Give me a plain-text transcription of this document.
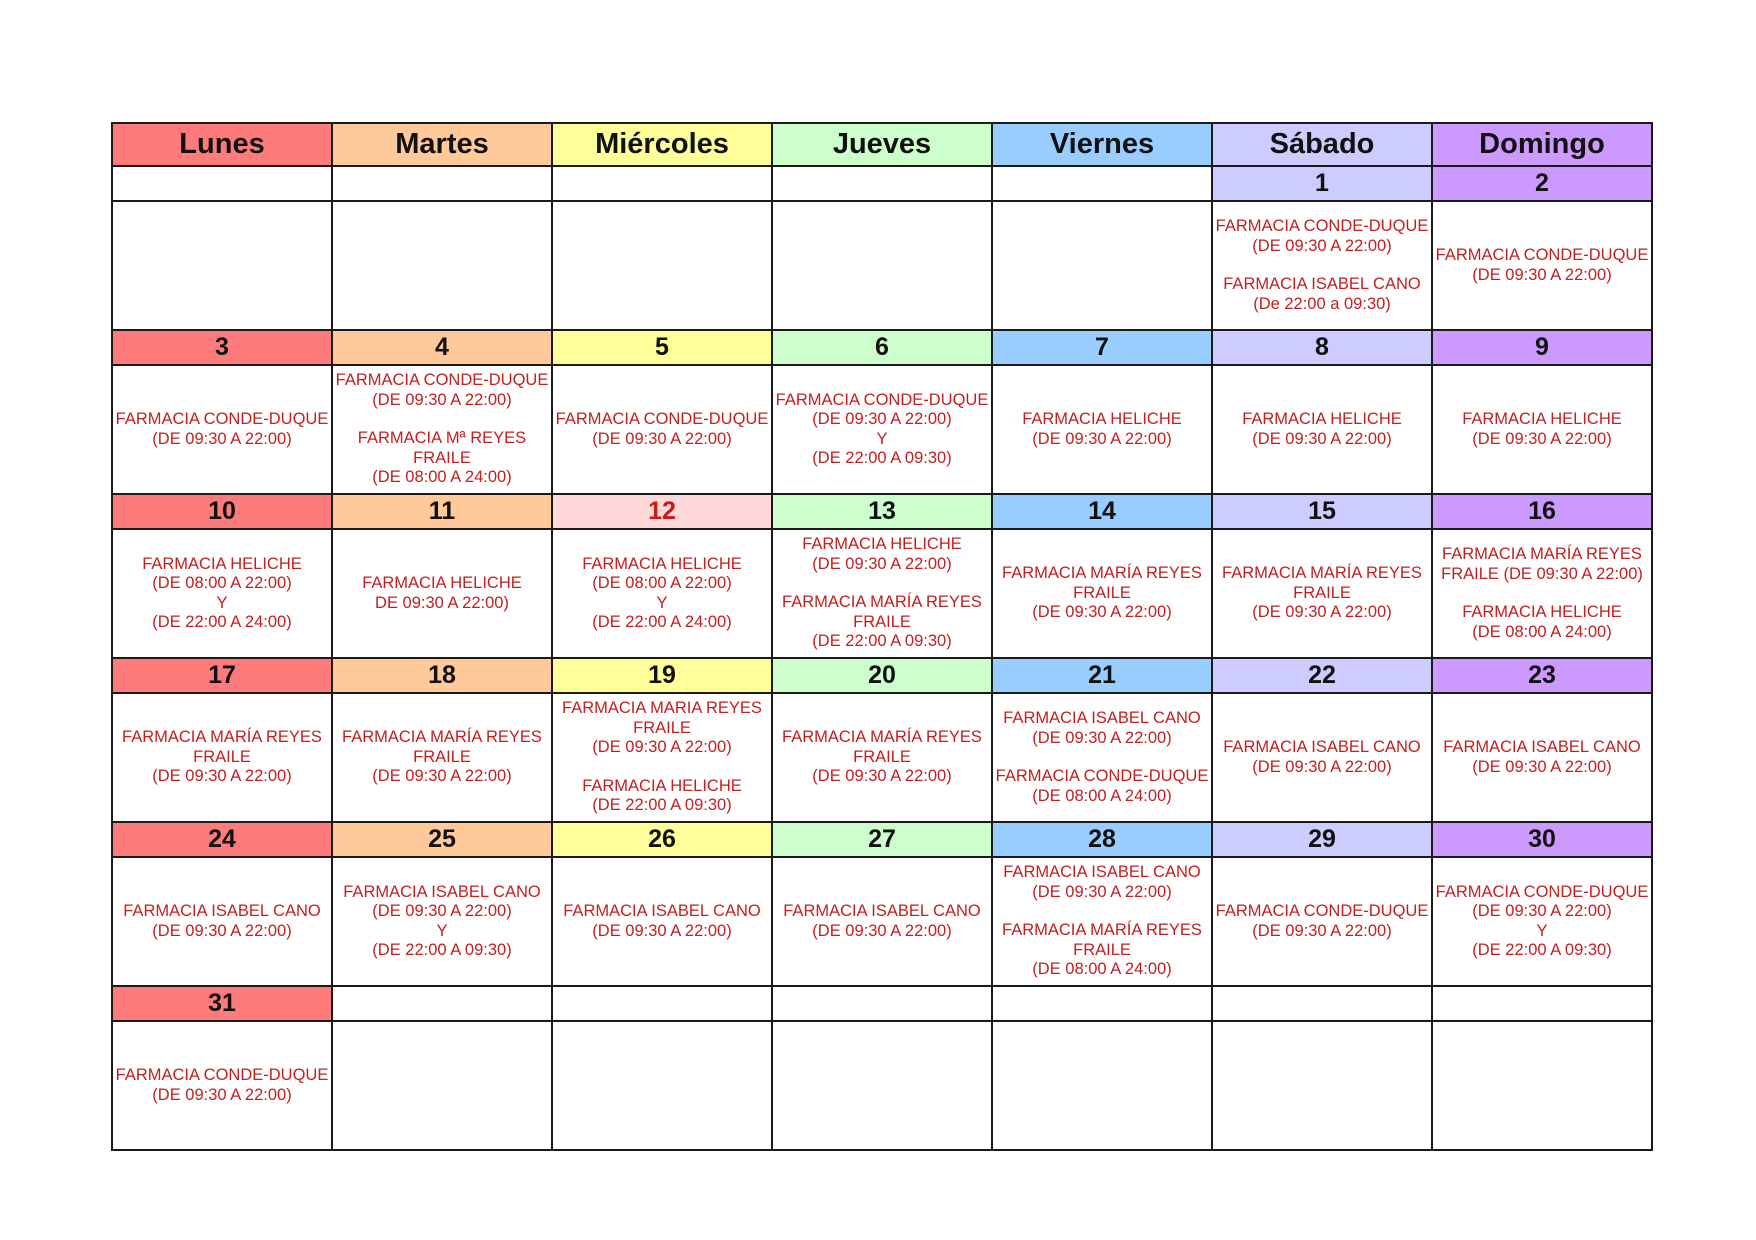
Lunes	Martes	Miércoles	Jueves	Viernes	Sábado	Domingo
					1	2

					FARMACIA CONDE-DUQUE
(DE 09:30 A 22:00)
FARMACIA ISABEL CANO
(De 22:00 a 09:30)	FARMACIA CONDE-DUQUE
(DE 09:30 A 22:00)

3	4	5	6	7	8	9

FARMACIA CONDE-DUQUE
(DE 09:30 A 22:00)	FARMACIA CONDE-DUQUE
(DE 09:30 A 22:00)
FARMACIA Mª REYES
FRAILE
(DE 08:00 A 24:00)	FARMACIA CONDE-DUQUE
(DE 09:30 A 22:00)	FARMACIA CONDE-DUQUE
(DE 09:30 A 22:00)
Y
(DE 22:00 A 09:30)	FARMACIA HELICHE
(DE 09:30 A 22:00)	FARMACIA HELICHE
(DE 09:30 A 22:00)	FARMACIA HELICHE
(DE 09:30 A 22:00)

10	11	12	13	14	15	16

FARMACIA HELICHE
(DE 08:00 A 22:00)
Y
(DE 22:00 A 24:00)	FARMACIA HELICHE
DE 09:30 A 22:00)	FARMACIA HELICHE
(DE 08:00 A 22:00)
Y
(DE 22:00 A 24:00)	FARMACIA HELICHE
(DE 09:30 A 22:00)
FARMACIA MARÍA REYES
FRAILE
(DE 22:00 A 09:30)	FARMACIA MARÍA REYES
FRAILE
(DE 09:30 A 22:00)	FARMACIA MARÍA REYES
FRAILE
(DE 09:30 A 22:00)	FARMACIA MARÍA REYES
FRAILE (DE 09:30 A 22:00)
FARMACIA HELICHE
(DE 08:00 A 24:00)

17	18	19	20	21	22	23

FARMACIA MARÍA REYES
FRAILE
(DE 09:30 A 22:00)	FARMACIA MARÍA REYES
FRAILE
(DE 09:30 A 22:00)	FARMACIA MARIA REYES
FRAILE
(DE 09:30 A 22:00)
FARMACIA HELICHE
(DE 22:00 A 09:30)	FARMACIA MARÍA REYES
FRAILE
(DE 09:30 A 22:00)	FARMACIA ISABEL CANO
(DE 09:30 A 22:00)
FARMACIA CONDE-DUQUE
(DE 08:00 A 24:00)	FARMACIA ISABEL CANO
(DE 09:30 A 22:00)	FARMACIA ISABEL CANO
(DE 09:30 A 22:00)

24	25	26	27	28	29	30

FARMACIA ISABEL CANO
(DE 09:30 A 22:00)	FARMACIA ISABEL CANO
(DE 09:30 A 22:00)
Y
(DE 22:00 A 09:30)	FARMACIA ISABEL CANO
(DE 09:30 A 22:00)	FARMACIA ISABEL CANO
(DE 09:30 A 22:00)	FARMACIA ISABEL CANO
(DE 09:30 A 22:00)
FARMACIA MARÍA REYES
FRAILE
(DE 08:00 A 24:00)	FARMACIA CONDE-DUQUE
(DE 09:30 A 22:00)	FARMACIA CONDE-DUQUE
(DE 09:30 A 22:00)
Y
(DE 22:00 A 09:30)

31						

FARMACIA CONDE-DUQUE
(DE 09:30 A 22:00)						
